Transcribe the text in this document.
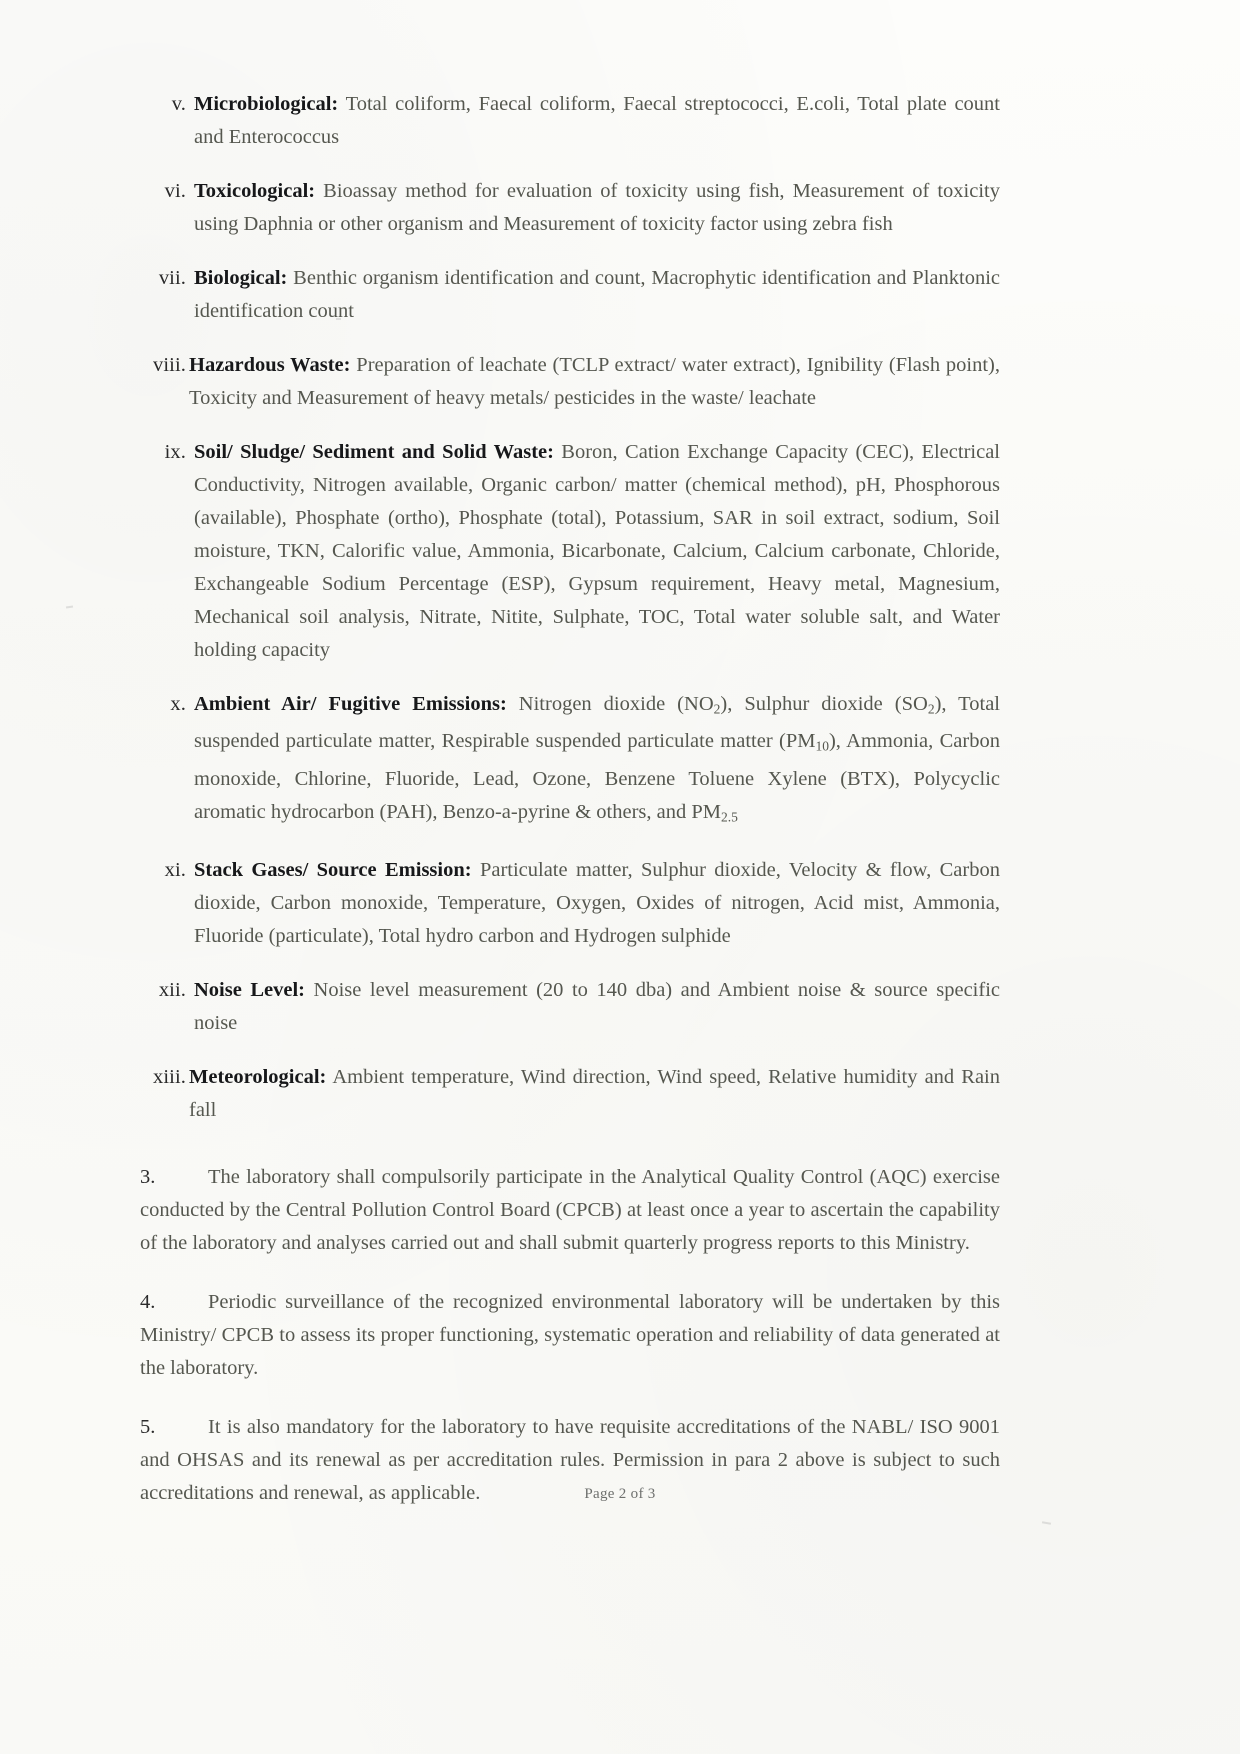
v. Microbiological: Total coliform, Faecal coliform, Faecal streptococci, E.coli, Total plate count and Enterococcus
vi. Toxicological: Bioassay method for evaluation of toxicity using fish, Measurement of toxicity using Daphnia or other organism and Measurement of toxicity factor using zebra fish
vii. Biological: Benthic organism identification and count, Macrophytic identification and Planktonic identification count
viii. Hazardous Waste: Preparation of leachate (TCLP extract/ water extract), Ignibility (Flash point), Toxicity and Measurement of heavy metals/ pesticides in the waste/ leachate
ix. Soil/ Sludge/ Sediment and Solid Waste: Boron, Cation Exchange Capacity (CEC), Electrical Conductivity, Nitrogen available, Organic carbon/ matter (chemical method), pH, Phosphorous (available), Phosphate (ortho), Phosphate (total), Potassium, SAR in soil extract, sodium, Soil moisture, TKN, Calorific value, Ammonia, Bicarbonate, Calcium, Calcium carbonate, Chloride, Exchangeable Sodium Percentage (ESP), Gypsum requirement, Heavy metal, Magnesium, Mechanical soil analysis, Nitrate, Nitite, Sulphate, TOC, Total water soluble salt, and Water holding capacity
x. Ambient Air/ Fugitive Emissions: Nitrogen dioxide $(NO_2)$, Sulphur dioxide $(SO_2)$, Total suspended particulate matter, Respirable suspended particulate matter $(PM_{10})$, Ammonia, Carbon monoxide, Chlorine, Fluoride, Lead, Ozone, Benzene Toluene Xylene (BTX), Polycyclic aromatic hydrocarbon (PAH), Benzo-a-pyrine & others, and $PM_{2.5}$
xi. Stack Gases/ Source Emission: Particulate matter, Sulphur dioxide, Velocity & flow, Carbon dioxide, Carbon monoxide, Temperature, Oxygen, Oxides of nitrogen, Acid mist, Ammonia, Fluoride (particulate), Total hydro carbon and Hydrogen sulphide
xii. Noise Level: Noise level measurement (20 to 140 dba) and Ambient noise & source specific noise
xiii. Meteorological: Ambient temperature, Wind direction, Wind speed, Relative humidity and Rain fall

3.	The laboratory shall compulsorily participate in the Analytical Quality Control (AQC) exercise conducted by the Central Pollution Control Board (CPCB) at least once a year to ascertain the capability of the laboratory and analyses carried out and shall submit quarterly progress reports to this Ministry.

4.	Periodic surveillance of the recognized environmental laboratory will be undertaken by this Ministry/ CPCB to assess its proper functioning, systematic operation and reliability of data generated at the laboratory.

5.	It is also mandatory for the laboratory to have requisite accreditations of the NABL/ ISO 9001 and OHSAS and its renewal as per accreditation rules. Permission in para 2 above is subject to such accreditations and renewal, as applicable.	Page 2 of 3
